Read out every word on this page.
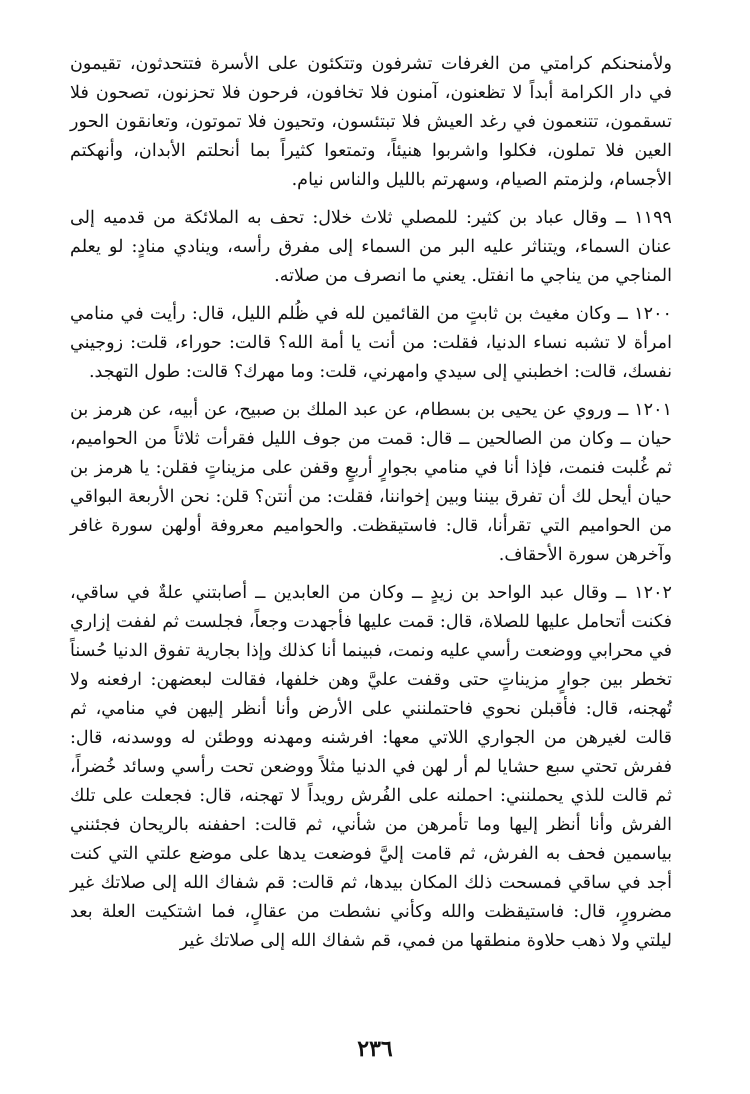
ولأمنحنكم كرامتي من الغرفات تشرفون وتتكئون على الأسرة فتتحدثون، تقيمون في دار الكرامة أبداً لا تظعنون، آمنون فلا تخافون، فرحون فلا تحزنون، تصحون فلا تسقمون، تتنعمون في رغد العيش فلا تبتئسون، وتحيون فلا تموتون، وتعانقون الحور العين فلا تملون، فكلوا واشربوا هنيئاً، وتمتعوا كثيراً بما أنحلتم الأبدان، وأنهكتم الأجسام، ولزمتم الصيام، وسهرتم بالليل والناس نيام.

١١٩٩ ــ وقال عباد بن كثير: للمصلي ثلاث خلال: تحف به الملائكة من قدميه إلى عنان السماء، ويتناثر عليه البر من السماء إلى مفرق رأسه، وينادي منادٍ: لو يعلم المناجي من يناجي ما انفتل. يعني ما انصرف من صلاته.

١٢٠٠ ــ وكان مغيث بن ثابتٍ من القائمين لله في ظُلم الليل، قال: رأيت في منامي امرأة لا تشبه نساء الدنيا، فقلت: من أنت يا أمة الله؟ قالت: حوراء، قلت: زوجيني نفسك، قالت: اخطبني إلى سيدي وامهرني، قلت: وما مهرك؟ قالت: طول التهجد.

١٢٠١ ــ وروي عن يحيى بن بسطام، عن عبد الملك بن صبيح، عن أبيه، عن هرمز بن حيان ــ وكان من الصالحين ــ قال: قمت من جوف الليل فقرأت ثلاثاً من الحواميم، ثم غُلبت فنمت، فإذا أنا في منامي بجوارٍ أربعٍ وقفن على مزيناتٍ فقلن: يا هرمز بن حيان أيحل لك أن تفرق بيننا وبين إخواننا، فقلت: من أنتن؟ قلن: نحن الأربعة البواقي من الحواميم التي تقرأنا، قال: فاستيقظت. والحواميم معروفة أولهن سورة غافر وآخرهن سورة الأحقاف.

١٢٠٢ ــ وقال عبد الواحد بن زيدٍ ــ وكان من العابدين ــ أصابتني علةٌ في ساقي، فكنت أتحامل عليها للصلاة، قال: قمت عليها فأجهدت وجعاً، فجلست ثم لففت إزاري في محرابي ووضعت رأسي عليه ونمت، فبينما أنا كذلك وإذا بجارية تفوق الدنيا حُسناً تخطر بين جوارٍ مزيناتٍ حتى وقفت عليَّ وهن خلفها، فقالت لبعضهن: ارفعنه ولا تُهجنه، قال: فأقبلن نحوي فاحتملنني على الأرض وأنا أنظر إليهن في منامي، ثم قالت لغيرهن من الجواري اللاتي معها: افرشنه ومهدنه ووطئن له ووسدنه، قال: ففرش تحتي سبع حشايا لم أر لهن في الدنيا مثلاً ووضعن تحت رأسي وسائد خُضراً، ثم قالت للذي يحملنني: احملنه على الفُرش رويداً لا تهجنه، قال: فجعلت على تلك الفرش وأنا أنظر إليها وما تأمرهن من شأني، ثم قالت: احففنه بالريحان فجئنني بياسمين فحف به الفرش، ثم قامت إليَّ فوضعت يدها على موضع علتي التي كنت أجد في ساقي فمسحت ذلك المكان بيدها، ثم قالت: قم شفاك الله إلى صلاتك غير مضرورٍ، قال: فاستيقظت والله وكأني نشطت من عقالٍ، فما اشتكيت العلة بعد ليلتي ولا ذهب حلاوة منطقها من فمي، قم شفاك الله إلى صلاتك غير

٢٣٦
